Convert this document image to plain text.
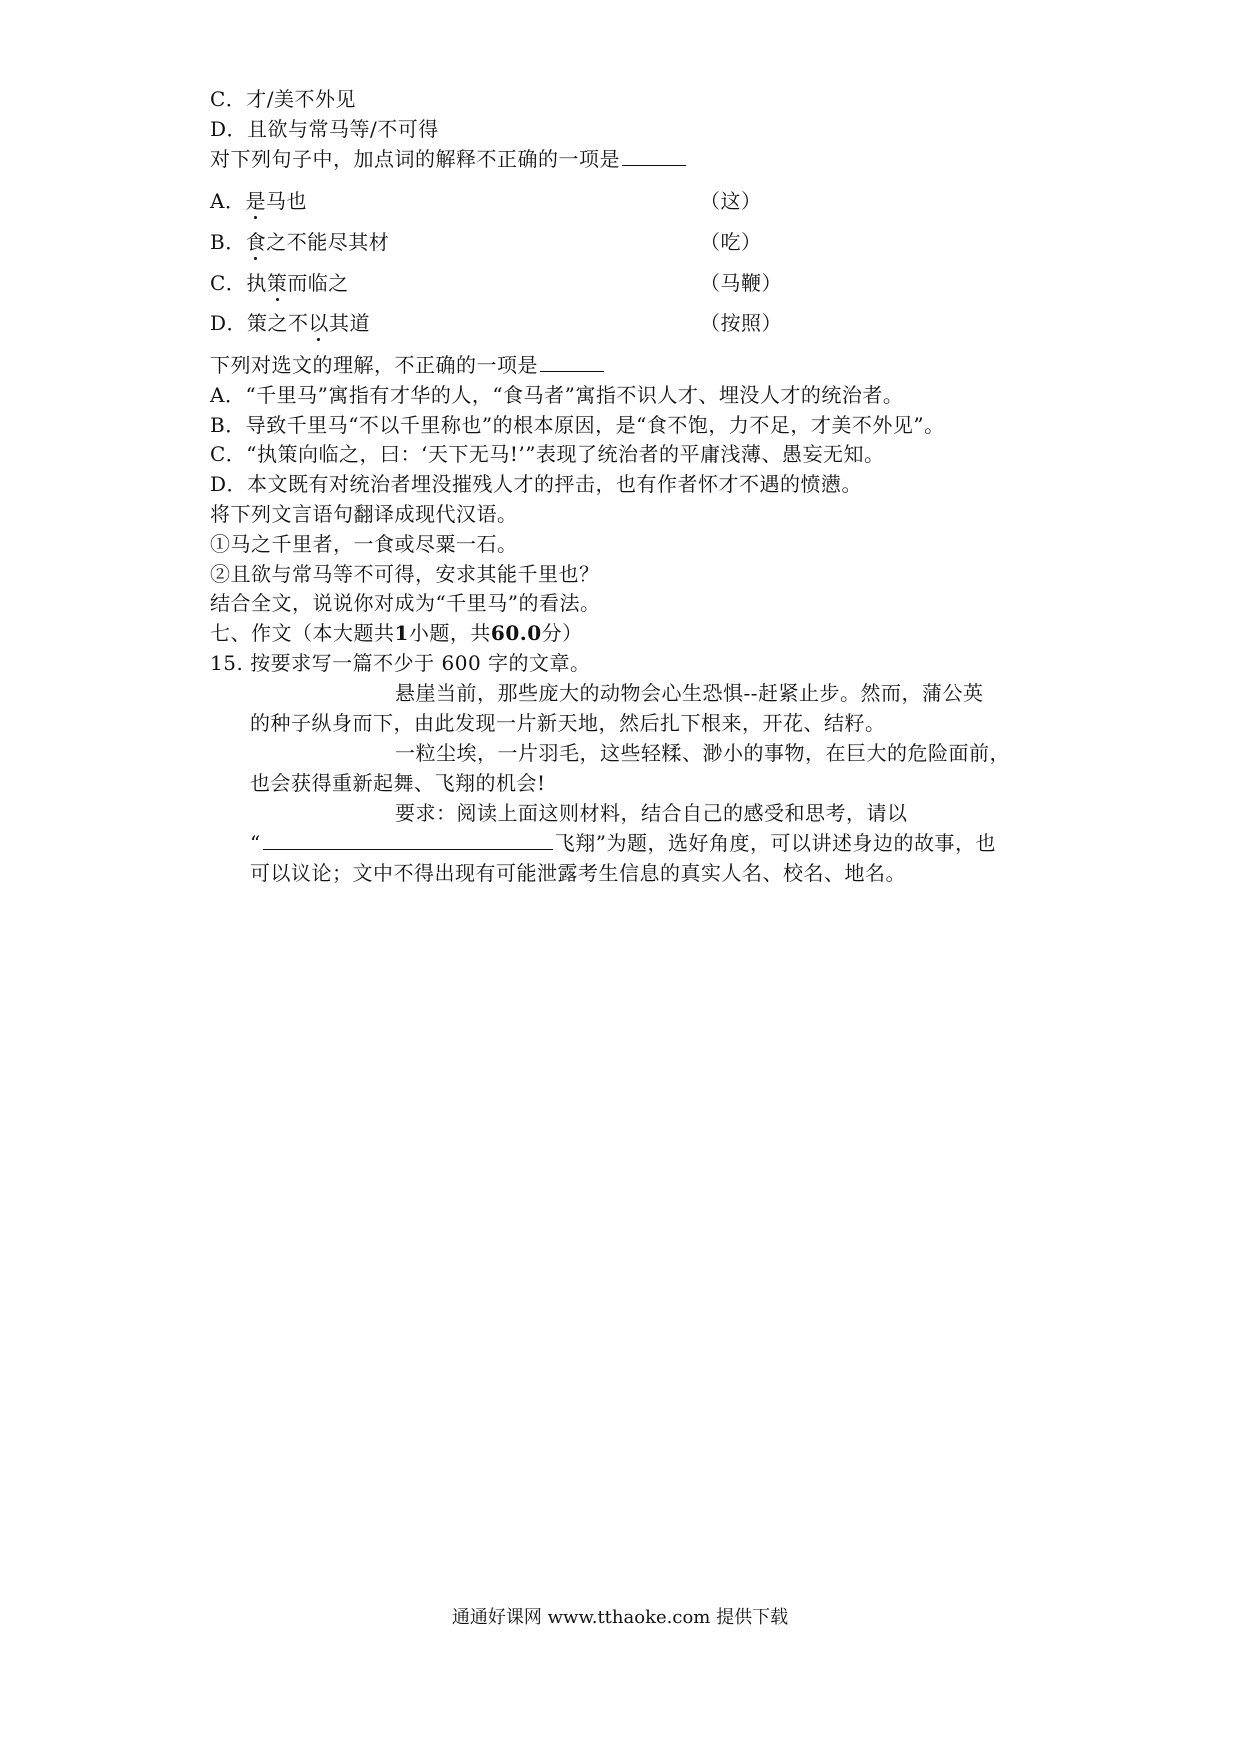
C．才/美不外见
D．且欲与常马等/不可得
对下列句子中，加点词的解释不正确的一项是
A．是马也	（这）
B．食之不能尽其材	（吃）
C．执策而临之	（马鞭）
D．策之不以其道	（按照）
下列对选文的理解，不正确的一项是
A．“千里马”寓指有才华的人，“食马者”寓指不识人才、埋没人才的统治者。
B．导致千里马“不以千里称也”的根本原因，是“食不饱，力不足，才美不外见”。
C．“执策向临之，曰：‘天下无马!’”表现了统治者的平庸浅薄、愚妄无知。
D．本文既有对统治者埋没摧残人才的抨击，也有作者怀才不遇的愤懑。
将下列文言语句翻译成现代汉语。
①马之千里者，一食或尽粟一石。
②且欲与常马等不可得，安求其能千里也？
结合全文，说说你对成为“千里马”的看法。
七、作文（本大题共1小题，共60.0分）
15. 按要求写一篇不少于 600 字的文章。
悬崖当前，那些庞大的动物会心生恐惧--赶紧止步。然而，蒲公英
的种子纵身而下，由此发现一片新天地，然后扎下根来，开花、结籽。
一粒尘埃，一片羽毛，这些轻糅、渺小的事物，在巨大的危险面前，
也会获得重新起舞、飞翔的机会!
要求：阅读上面这则材料，结合自己的感受和思考，请以
“	飞翔”为题，选好角度，可以讲述身边的故事，也
可以议论；文中不得出现有可能泄露考生信息的真实人名、校名、地名。
通通好课网 www.tthaoke.com 提供下载
